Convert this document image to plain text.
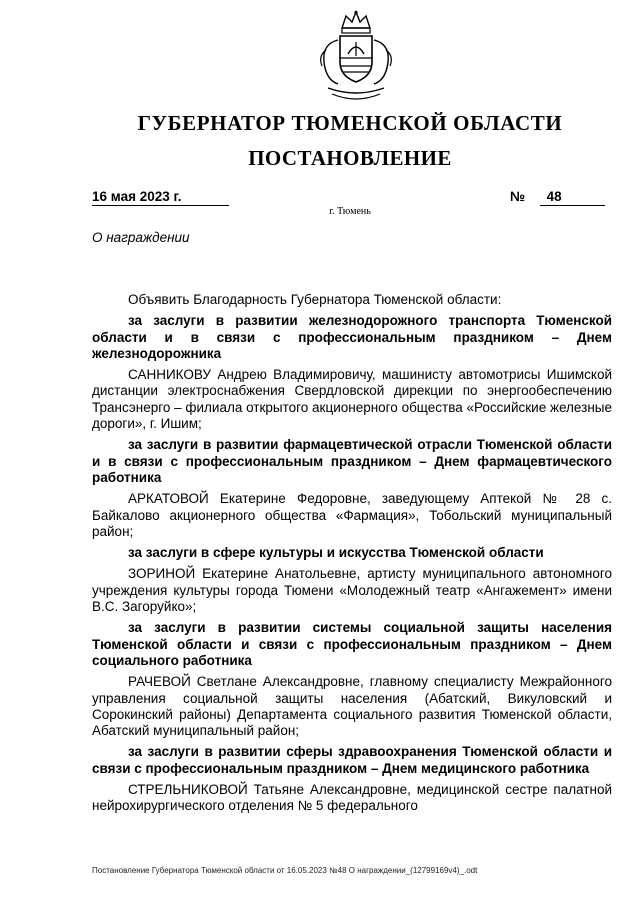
ГУБЕРНАТОР ТЮМЕНСКОЙ ОБЛАСТИ
ПОСТАНОВЛЕНИЕ
16 мая 2023 г.	№ 48
г. Тюмень
О награждении

Объявить Благодарность Губернатора Тюменской области:

за заслуги в развитии железнодорожного транспорта Тюменской области и в связи с профессиональным праздником – Днем железнодорожника

САННИКОВУ Андрею Владимировичу, машинисту автомотрисы Ишимской дистанции электроснабжения Свердловской дирекции по энергообеспечению Трансэнерго – филиала открытого акционерного общества «Российские железные дороги», г. Ишим;

за заслуги в развитии фармацевтической отрасли Тюменской области и в связи с профессиональным праздником – Днем фармацевтического работника

АРКАТОВОЙ Екатерине Федоровне, заведующему Аптекой № 28 с. Байкалово акционерного общества «Фармация», Тобольский муниципальный район;

за заслуги в сфере культуры и искусства Тюменской области

ЗОРИНОЙ Екатерине Анатольевне, артисту муниципального автономного учреждения культуры города Тюмени «Молодежный театр «Ангажемент» имени В.С. Загоруйко»;

за заслуги в развитии системы социальной защиты населения Тюменской области и связи с профессиональным праздником – Днем социального работника

РАЧЕВОЙ Светлане Александровне, главному специалисту Межрайонного управления социальной защиты населения (Абатский, Викуловский и Сорокинский районы) Департамента социального развития Тюменской области, Абатский муниципальный район;

за заслуги в развитии сферы здравоохранения Тюменской области и связи с профессиональным праздником – Днем медицинского работника

СТРЕЛЬНИКОВОЙ Татьяне Александровне, медицинской сестре палатной нейрохирургического отделения № 5 федерального

Постановление Губернатора Тюменской области от 16.05.2023 №48 О награждении_(12799169v4)_.odt
